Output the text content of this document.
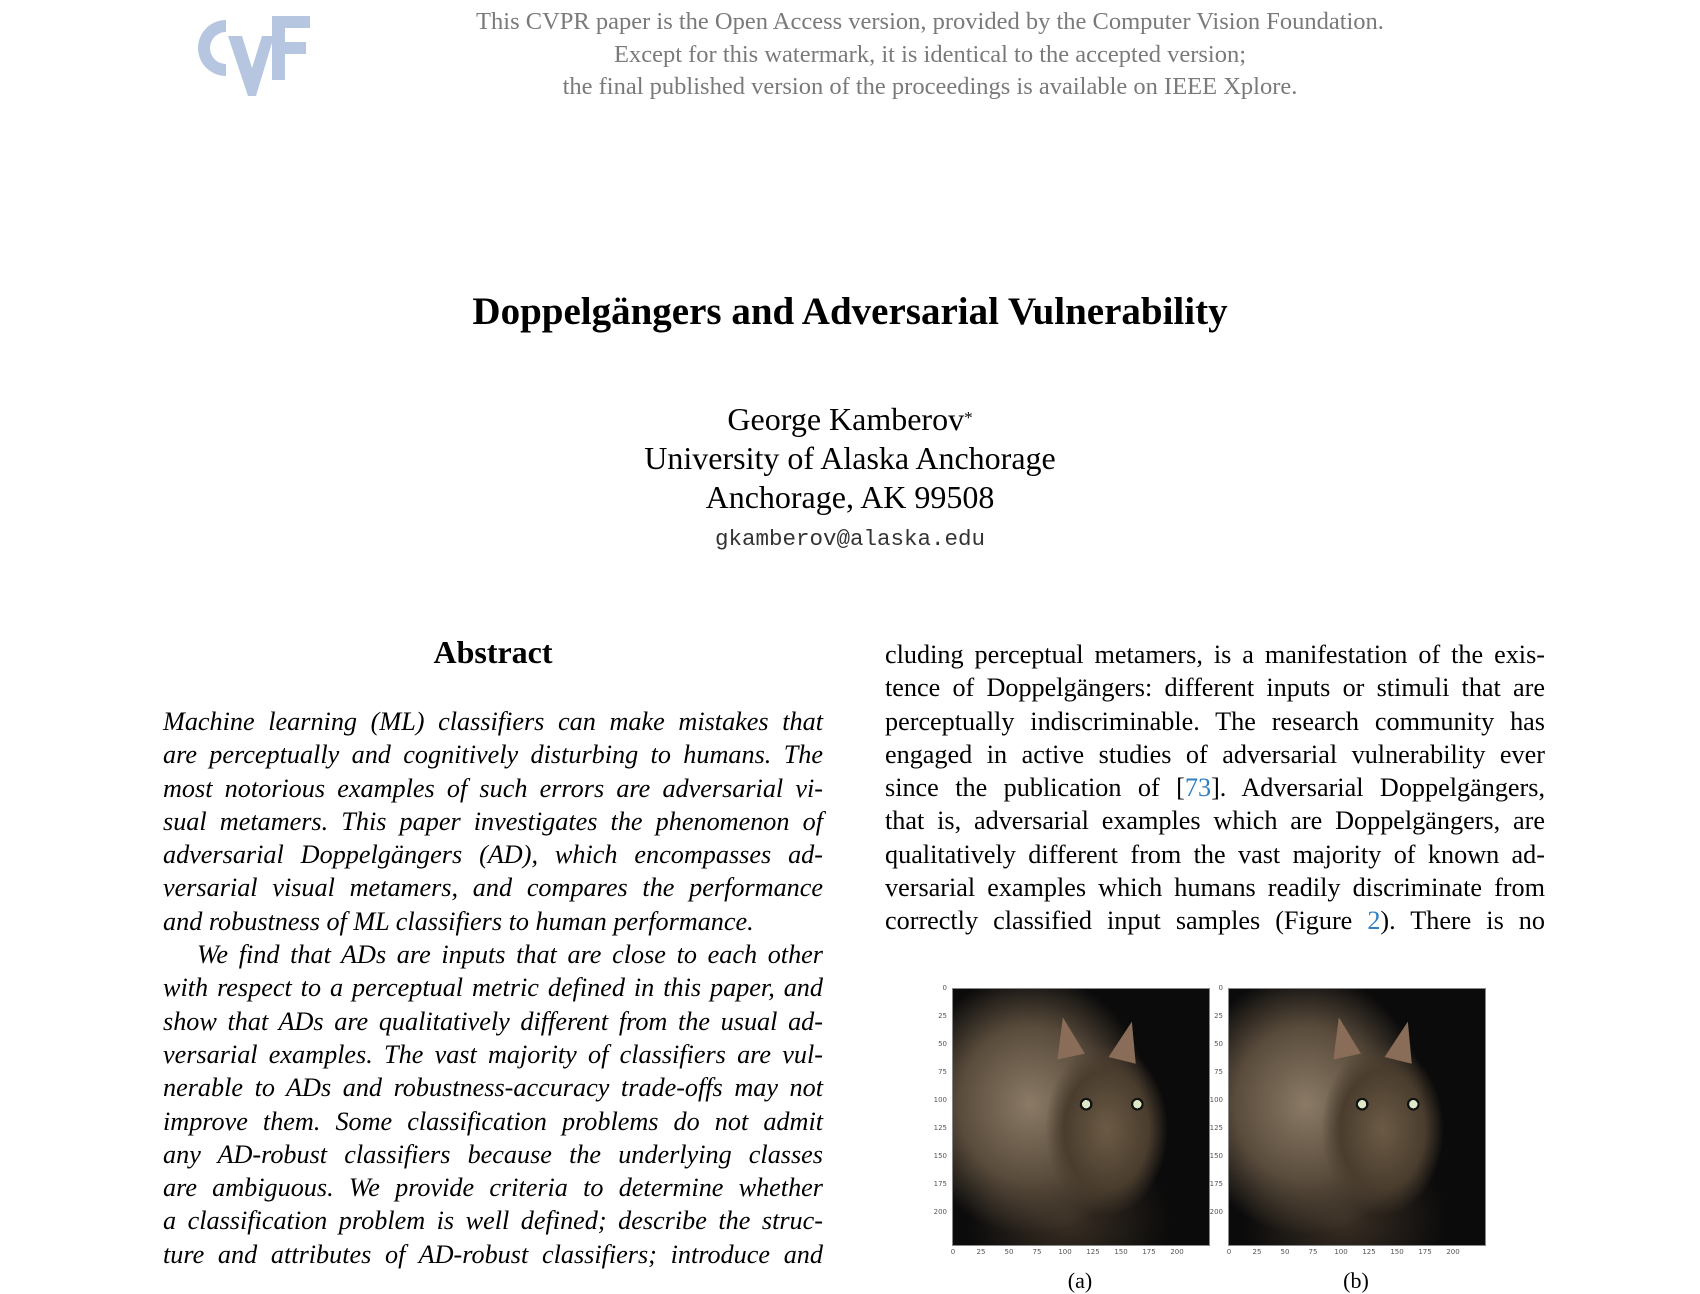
This CVPR paper is the Open Access version, provided by the Computer Vision Foundation.
Except for this watermark, it is identical to the accepted version;
the final published version of the proceedings is available on IEEE Xplore.
Doppelgängers and Adversarial Vulnerability
George Kamberov*
University of Alaska Anchorage
Anchorage, AK 99508
gkamberov@alaska.edu
Abstract
Machine learning (ML) classifiers can make mistakes that
are perceptually and cognitively disturbing to humans. The
most notorious examples of such errors are adversarial vi-
sual metamers. This paper investigates the phenomenon of
adversarial Doppelgängers (AD), which encompasses ad-
versarial visual metamers, and compares the performance
and robustness of ML classifiers to human performance.
We find that ADs are inputs that are close to each other
with respect to a perceptual metric defined in this paper, and
show that ADs are qualitatively different from the usual ad-
versarial examples. The vast majority of classifiers are vul-
nerable to ADs and robustness-accuracy trade-offs may not
improve them. Some classification problems do not admit
any AD-robust classifiers because the underlying classes
are ambiguous. We provide criteria to determine whether
a classification problem is well defined; describe the struc-
ture and attributes of AD-robust classifiers; introduce and
cluding perceptual metamers, is a manifestation of the exis-
tence of Doppelgängers: different inputs or stimuli that are
perceptually indiscriminable. The research community has
engaged in active studies of adversarial vulnerability ever
since the publication of [73]. Adversarial Doppelgängers,
that is, adversarial examples which are Doppelgängers, are
qualitatively different from the vast majority of known ad-
versarial examples which humans readily discriminate from
correctly classified input samples (Figure 2). There is no
0
25
50
75
100
125
150
175
200
0	25	50	75 100 125 150 175 200
(a)
0
25
50
75
100
125
150
175
200
0	25	50	75 100 125 150 175 200
(b)
